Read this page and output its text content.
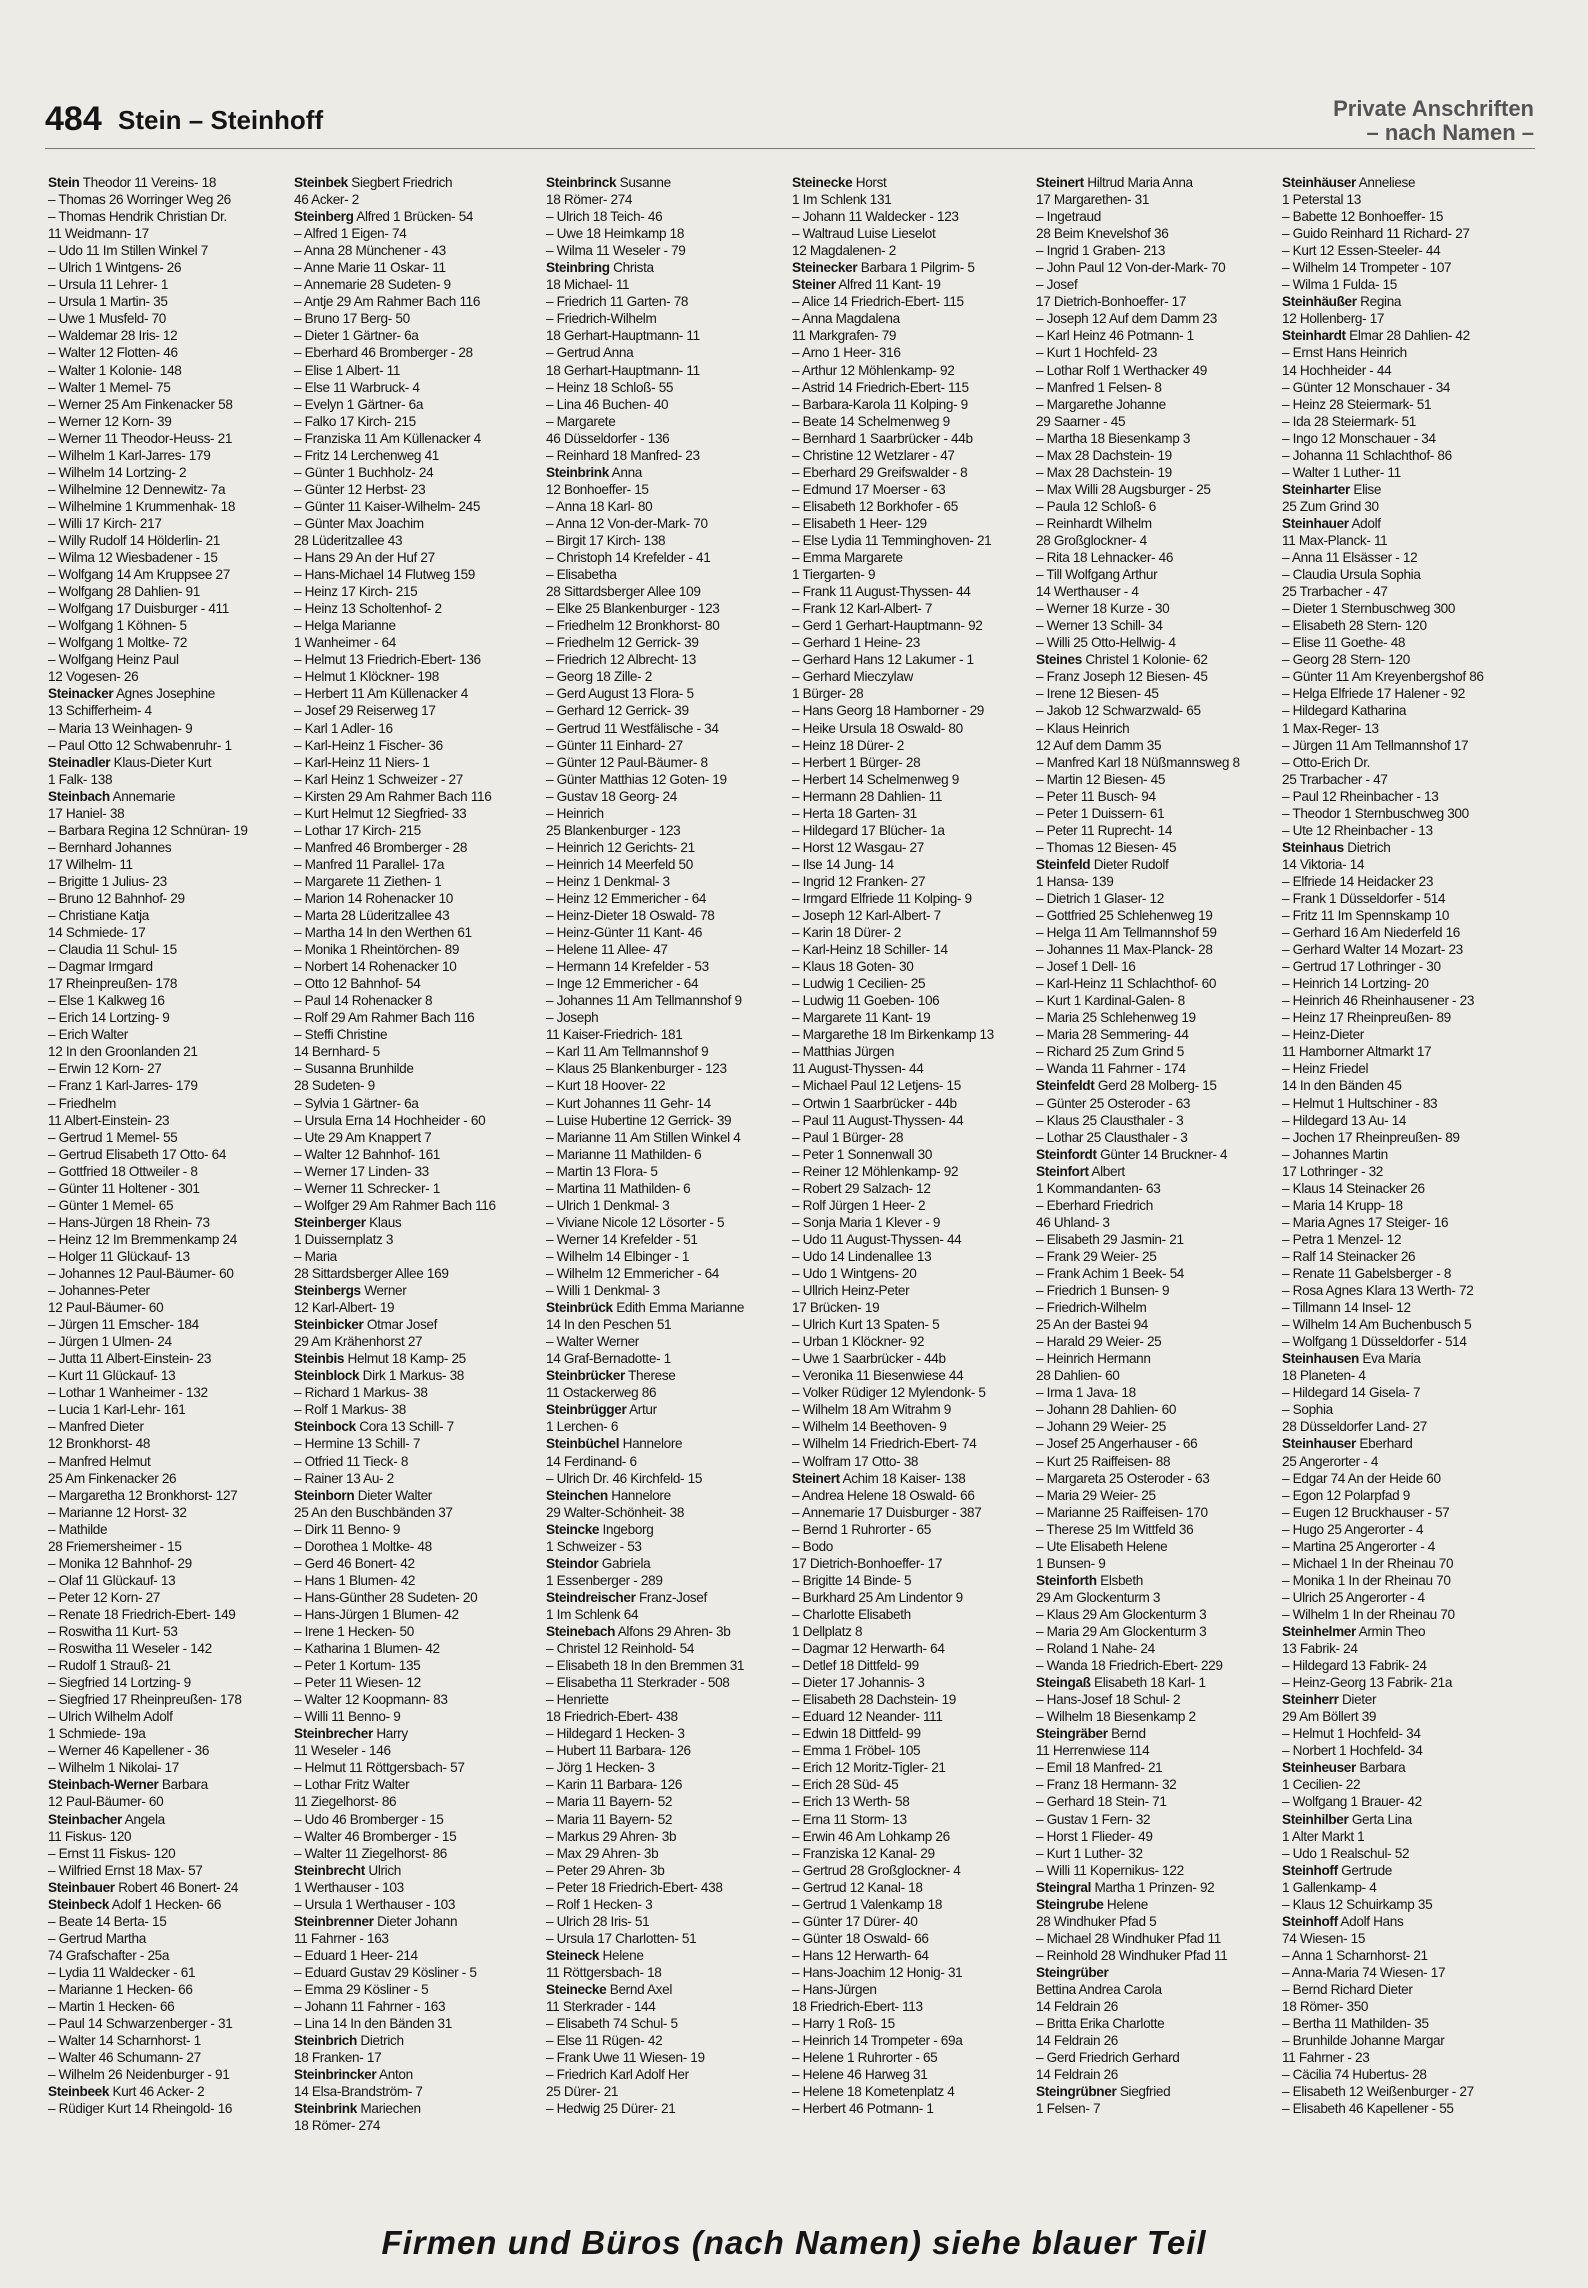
484 Stein – Steinhoff	Private Anschriften
– nach Namen –
Stein Theodor 11 Vereins- 18
– Thomas 26 Worringer Weg 26
– Thomas Hendrik Christian Dr.
11 Weidmann- 17
– Udo 11 Im Stillen Winkel 7
– Ulrich 1 Wintgens- 26
– Ursula 11 Lehrer- 1
– Ursula 1 Martin- 35
– Uwe 1 Musfeld- 70
– Waldemar 28 Iris- 12
– Walter 12 Flotten- 46
– Walter 1 Kolonie- 148
– Walter 1 Memel- 75
– Werner 25 Am Finkenacker 58
– Werner 12 Korn- 39
– Werner 11 Theodor-Heuss- 21
– Wilhelm 1 Karl-Jarres- 179
– Wilhelm 14 Lortzing- 2
– Wilhelmine 12 Dennewitz- 7a
– Wilhelmine 1 Krummenhak- 18
– Willi 17 Kirch- 217
– Willy Rudolf 14 Hölderlin- 21
– Wilma 12 Wiesbadener - 15
– Wolfgang 14 Am Kruppsee 27
– Wolfgang 28 Dahlien- 91
– Wolfgang 17 Duisburger - 411
– Wolfgang 1 Köhnen- 5
– Wolfgang 1 Moltke- 72
– Wolfgang Heinz Paul
12 Vogesen- 26
Steinacker Agnes Josephine
13 Schifferheim- 4
– Maria 13 Weinhagen- 9
– Paul Otto 12 Schwabenruhr- 1
Steinadler Klaus-Dieter Kurt
1 Falk- 138
Steinbach Annemarie
17 Haniel- 38
– Barbara Regina 12 Schnüran- 19
– Bernhard Johannes
17 Wilhelm- 11
– Brigitte 1 Julius- 23
– Bruno 12 Bahnhof- 29
– Christiane Katja
14 Schmiede- 17
– Claudia 11 Schul- 15
– Dagmar Irmgard
17 Rheinpreußen- 178
– Else 1 Kalkweg 16
– Erich 14 Lortzing- 9
– Erich Walter
12 In den Groonlanden 21
– Erwin 12 Korn- 27
– Franz 1 Karl-Jarres- 179
– Friedhelm
11 Albert-Einstein- 23
– Gertrud 1 Memel- 55
– Gertrud Elisabeth 17 Otto- 64
– Gottfried 18 Ottweiler - 8
– Günter 11 Holtener - 301
– Günter 1 Memel- 65
– Hans-Jürgen 18 Rhein- 73
– Heinz 12 Im Bremmenkamp 24
– Holger 11 Glückauf- 13
– Johannes 12 Paul-Bäumer- 60
– Johannes-Peter
12 Paul-Bäumer- 60
– Jürgen 11 Emscher- 184
– Jürgen 1 Ulmen- 24
– Jutta 11 Albert-Einstein- 23
– Kurt 11 Glückauf- 13
– Lothar 1 Wanheimer - 132
– Lucia 1 Karl-Lehr- 161
– Manfred Dieter
12 Bronkhorst- 48
– Manfred Helmut
25 Am Finkenacker 26
– Margaretha 12 Bronkhorst- 127
– Marianne 12 Horst- 32
– Mathilde
28 Friemersheimer - 15
– Monika 12 Bahnhof- 29
– Olaf 11 Glückauf- 13
– Peter 12 Korn- 27
– Renate 18 Friedrich-Ebert- 149
– Roswitha 11 Kurt- 53
– Roswitha 11 Weseler - 142
– Rudolf 1 Strauß- 21
– Siegfried 14 Lortzing- 9
– Siegfried 17 Rheinpreußen- 178
– Ulrich Wilhelm Adolf
1 Schmiede- 19a
– Werner 46 Kapellener - 36
– Wilhelm 1 Nikolai- 17
Steinbach-Werner Barbara
12 Paul-Bäumer- 60
Steinbacher Angela
11 Fiskus- 120
– Ernst 11 Fiskus- 120
– Wilfried Ernst 18 Max- 57
Steinbauer Robert 46 Bonert- 24
Steinbeck Adolf 1 Hecken- 66
– Beate 14 Berta- 15
– Gertrud Martha
74 Grafschafter - 25a
– Lydia 11 Waldecker - 61
– Marianne 1 Hecken- 66
– Martin 1 Hecken- 66
– Paul 14 Schwarzenberger - 31
– Walter 14 Scharnhorst- 1
– Walter 46 Schumann- 27
– Wilhelm 26 Neidenburger - 91
Steinbeek Kurt 46 Acker- 2
– Rüdiger Kurt 14 Rheingold- 16
Steinbek Siegbert Friedrich
46 Acker- 2
Steinberg Alfred 1 Brücken- 54
– Alfred 1 Eigen- 74
– Anna 28 Münchener - 43
– Anne Marie 11 Oskar- 11
– Annemarie 28 Sudeten- 9
– Antje 29 Am Rahmer Bach 116
– Bruno 17 Berg- 50
– Dieter 1 Gärtner- 6a
– Eberhard 46 Bromberger - 28
– Elise 1 Albert- 11
– Else 11 Warbruck- 4
– Evelyn 1 Gärtner- 6a
– Falko 17 Kirch- 215
– Franziska 11 Am Küllenacker 4
– Fritz 14 Lerchenweg 41
– Günter 1 Buchholz- 24
– Günter 12 Herbst- 23
– Günter 11 Kaiser-Wilhelm- 245
– Günter Max Joachim
28 Lüderitzallee 43
– Hans 29 An der Huf 27
– Hans-Michael 14 Flutweg 159
– Heinz 17 Kirch- 215
– Heinz 13 Scholtenhof- 2
– Helga Marianne
1 Wanheimer - 64
– Helmut 13 Friedrich-Ebert- 136
– Helmut 1 Klöckner- 198
– Herbert 11 Am Küllenacker 4
– Josef 29 Reiserweg 17
– Karl 1 Adler- 16
– Karl-Heinz 1 Fischer- 36
– Karl-Heinz 11 Niers- 1
– Karl Heinz 1 Schweizer - 27
– Kirsten 29 Am Rahmer Bach 116
– Kurt Helmut 12 Siegfried- 33
– Lothar 17 Kirch- 215
– Manfred 46 Bromberger - 28
– Manfred 11 Parallel- 17a
– Margarete 11 Ziethen- 1
– Marion 14 Rohenacker 10
– Marta 28 Lüderitzallee 43
– Martha 14 In den Werthen 61
– Monika 1 Rheintörchen- 89
– Norbert 14 Rohenacker 10
– Otto 12 Bahnhof- 54
– Paul 14 Rohenacker 8
– Rolf 29 Am Rahmer Bach 116
– Steffi Christine
14 Bernhard- 5
– Susanna Brunhilde
28 Sudeten- 9
– Sylvia 1 Gärtner- 6a
– Ursula Erna 14 Hochheider - 60
– Ute 29 Am Knappert 7
– Walter 12 Bahnhof- 161
– Werner 17 Linden- 33
– Werner 11 Schrecker- 1
– Wolfger 29 Am Rahmer Bach 116
Steinberger Klaus
1 Duissernplatz 3
– Maria
28 Sittardsberger Allee 169
Steinbergs Werner
12 Karl-Albert- 19
Steinbicker Otmar Josef
29 Am Krähenhorst 27
Steinbis Helmut 18 Kamp- 25
Steinblock Dirk 1 Markus- 38
– Richard 1 Markus- 38
– Rolf 1 Markus- 38
Steinbock Cora 13 Schill- 7
– Hermine 13 Schill- 7
– Otfried 11 Tieck- 8
– Rainer 13 Au- 2
Steinborn Dieter Walter
25 An den Buschbänden 37
– Dirk 11 Benno- 9
– Dorothea 1 Moltke- 48
– Gerd 46 Bonert- 42
– Hans 1 Blumen- 42
– Hans-Günther 28 Sudeten- 20
– Hans-Jürgen 1 Blumen- 42
– Irene 1 Hecken- 50
– Katharina 1 Blumen- 42
– Peter 1 Kortum- 135
– Peter 11 Wiesen- 12
– Walter 12 Koopmann- 83
– Willi 11 Benno- 9
Steinbrecher Harry
11 Weseler - 146
– Helmut 11 Röttgersbach- 57
– Lothar Fritz Walter
11 Ziegelhorst- 86
– Udo 46 Bromberger - 15
– Walter 46 Bromberger - 15
– Walter 11 Ziegelhorst- 86
Steinbrecht Ulrich
1 Werthauser - 103
– Ursula 1 Werthauser - 103
Steinbrenner Dieter Johann
11 Fahrner - 163
– Eduard 1 Heer- 214
– Eduard Gustav 29 Kösliner - 5
– Emma 29 Kösliner - 5
– Johann 11 Fahrner - 163
– Lina 14 In den Bänden 31
Steinbrich Dietrich
18 Franken- 17
Steinbrincker Anton
14 Elsa-Brandström- 7
Steinbrink Mariechen
18 Römer- 274
Steinbrinck Susanne
18 Römer- 274
– Ulrich 18 Teich- 46
– Uwe 18 Heimkamp 18
– Wilma 11 Weseler - 79
Steinbring Christa
18 Michael- 11
– Friedrich 11 Garten- 78
– Friedrich-Wilhelm
18 Gerhart-Hauptmann- 11
– Gertrud Anna
18 Gerhart-Hauptmann- 11
– Heinz 18 Schloß- 55
– Lina 46 Buchen- 40
– Margarete
46 Düsseldorfer - 136
– Reinhard 18 Manfred- 23
Steinbrink Anna
12 Bonhoeffer- 15
– Anna 18 Karl- 80
– Anna 12 Von-der-Mark- 70
– Birgit 17 Kirch- 138
– Christoph 14 Krefelder - 41
– Elisabetha
28 Sittardsberger Allee 109
– Elke 25 Blankenburger - 123
– Friedhelm 12 Bronkhorst- 80
– Friedhelm 12 Gerrick- 39
– Friedrich 12 Albrecht- 13
– Georg 18 Zille- 2
– Gerd August 13 Flora- 5
– Gerhard 12 Gerrick- 39
– Gertrud 11 Westfälische - 34
– Günter 11 Einhard- 27
– Günter 12 Paul-Bäumer- 8
– Günter Matthias 12 Goten- 19
– Gustav 18 Georg- 24
– Heinrich
25 Blankenburger - 123
– Heinrich 12 Gerichts- 21
– Heinrich 14 Meerfeld 50
– Heinz 1 Denkmal- 3
– Heinz 12 Emmericher - 64
– Heinz-Dieter 18 Oswald- 78
– Heinz-Günter 11 Kant- 46
– Helene 11 Allee- 47
– Hermann 14 Krefelder - 53
– Inge 12 Emmericher - 64
– Johannes 11 Am Tellmannshof 9
– Joseph
11 Kaiser-Friedrich- 181
– Karl 11 Am Tellmannshof 9
– Klaus 25 Blankenburger - 123
– Kurt 18 Hoover- 22
– Kurt Johannes 11 Gehr- 14
– Luise Hubertine 12 Gerrick- 39
– Marianne 11 Am Stillen Winkel 4
– Marianne 11 Mathilden- 6
– Martin 13 Flora- 5
– Martina 11 Mathilden- 6
– Ulrich 1 Denkmal- 3
– Viviane Nicole 12 Lösorter - 5
– Werner 14 Krefelder - 51
– Wilhelm 14 Elbinger - 1
– Wilhelm 12 Emmericher - 64
– Willi 1 Denkmal- 3
Steinbrück Edith Emma Marianne
14 In den Peschen 51
– Walter Werner
14 Graf-Bernadotte- 1
Steinbrücker Therese
11 Ostackerweg 86
Steinbrügger Artur
1 Lerchen- 6
Steinbüchel Hannelore
14 Ferdinand- 6
– Ulrich Dr. 46 Kirchfeld- 15
Steinchen Hannelore
29 Walter-Schönheit- 38
Steincke Ingeborg
1 Schweizer - 53
Steindor Gabriela
1 Essenberger - 289
Steindreischer Franz-Josef
1 Im Schlenk 64
Steinebach Alfons 29 Ahren- 3b
– Christel 12 Reinhold- 54
– Elisabeth 18 In den Bremmen 31
– Elisabetha 11 Sterkrader - 508
– Henriette
18 Friedrich-Ebert- 438
– Hildegard 1 Hecken- 3
– Hubert 11 Barbara- 126
– Jörg 1 Hecken- 3
– Karin 11 Barbara- 126
– Maria 11 Bayern- 52
– Maria 11 Bayern- 52
– Markus 29 Ahren- 3b
– Max 29 Ahren- 3b
– Peter 29 Ahren- 3b
– Peter 18 Friedrich-Ebert- 438
– Rolf 1 Hecken- 3
– Ulrich 28 Iris- 51
– Ursula 17 Charlotten- 51
Steineck Helene
11 Röttgersbach- 18
Steinecke Bernd Axel
11 Sterkrader - 144
– Elisabeth 74 Schul- 5
– Else 11 Rügen- 42
– Frank Uwe 11 Wiesen- 19
– Friedrich Karl Adolf Her
25 Dürer- 21
– Hedwig 25 Dürer- 21
Steinecke Horst
1 Im Schlenk 131
– Johann 11 Waldecker - 123
– Waltraud Luise Lieselot
12 Magdalenen- 2
Steinecker Barbara 1 Pilgrim- 5
Steiner Alfred 11 Kant- 19
– Alice 14 Friedrich-Ebert- 115
– Anna Magdalena
11 Markgrafen- 79
– Arno 1 Heer- 316
– Arthur 12 Möhlenkamp- 92
– Astrid 14 Friedrich-Ebert- 115
– Barbara-Karola 11 Kolping- 9
– Beate 14 Schelmenweg 9
– Bernhard 1 Saarbrücker - 44b
– Christine 12 Wetzlarer - 47
– Eberhard 29 Greifswalder - 8
– Edmund 17 Moerser - 63
– Elisabeth 12 Borkhofer - 65
– Elisabeth 1 Heer- 129
– Else Lydia 11 Temminghoven- 21
– Emma Margarete
1 Tiergarten- 9
– Frank 11 August-Thyssen- 44
– Frank 12 Karl-Albert- 7
– Gerd 1 Gerhart-Hauptmann- 92
– Gerhard 1 Heine- 23
– Gerhard Hans 12 Lakumer - 1
– Gerhard Mieczylaw
1 Bürger- 28
– Hans Georg 18 Hamborner - 29
– Heike Ursula 18 Oswald- 80
– Heinz 18 Dürer- 2
– Herbert 1 Bürger- 28
– Herbert 14 Schelmenweg 9
– Hermann 28 Dahlien- 11
– Herta 18 Garten- 31
– Hildegard 17 Blücher- 1a
– Horst 12 Wasgau- 27
– Ilse 14 Jung- 14
– Ingrid 12 Franken- 27
– Irmgard Elfriede 11 Kolping- 9
– Joseph 12 Karl-Albert- 7
– Karin 18 Dürer- 2
– Karl-Heinz 18 Schiller- 14
– Klaus 18 Goten- 30
– Ludwig 1 Cecilien- 25
– Ludwig 11 Goeben- 106
– Margarete 11 Kant- 19
– Margarethe 18 Im Birkenkamp 13
– Matthias Jürgen
11 August-Thyssen- 44
– Michael Paul 12 Letjens- 15
– Ortwin 1 Saarbrücker - 44b
– Paul 11 August-Thyssen- 44
– Paul 1 Bürger- 28
– Peter 1 Sonnenwall 30
– Reiner 12 Möhlenkamp- 92
– Robert 29 Salzach- 12
– Rolf Jürgen 1 Heer- 2
– Sonja Maria 1 Klever - 9
– Udo 11 August-Thyssen- 44
– Udo 14 Lindenallee 13
– Udo 1 Wintgens- 20
– Ullrich Heinz-Peter
17 Brücken- 19
– Ulrich Kurt 13 Spaten- 5
– Urban 1 Klöckner- 92
– Uwe 1 Saarbrücker - 44b
– Veronika 11 Biesenwiese 44
– Volker Rüdiger 12 Mylendonk- 5
– Wilhelm 18 Am Witrahm 9
– Wilhelm 14 Beethoven- 9
– Wilhelm 14 Friedrich-Ebert- 74
– Wolfram 17 Otto- 38
Steinert Achim 18 Kaiser- 138
– Andrea Helene 18 Oswald- 66
– Annemarie 17 Duisburger - 387
– Bernd 1 Ruhrorter - 65
– Bodo
17 Dietrich-Bonhoeffer- 17
– Brigitte 14 Binde- 5
– Burkhard 25 Am Lindentor 9
– Charlotte Elisabeth
1 Dellplatz 8
– Dagmar 12 Herwarth- 64
– Detlef 18 Dittfeld- 99
– Dieter 17 Johannis- 3
– Elisabeth 28 Dachstein- 19
– Eduard 12 Neander- 111
– Edwin 18 Dittfeld- 99
– Emma 1 Fröbel- 105
– Erich 12 Moritz-Tigler- 21
– Erich 28 Süd- 45
– Erich 13 Werth- 58
– Erna 11 Storm- 13
– Erwin 46 Am Lohkamp 26
– Franziska 12 Kanal- 29
– Gertrud 28 Großglockner- 4
– Gertrud 12 Kanal- 18
– Gertrud 1 Valenkamp 18
– Günter 17 Dürer- 40
– Günter 18 Oswald- 66
– Hans 12 Herwarth- 64
– Hans-Joachim 12 Honig- 31
– Hans-Jürgen
18 Friedrich-Ebert- 113
– Harry 1 Roß- 15
– Heinrich 14 Trompeter - 69a
– Helene 1 Ruhrorter - 65
– Helene 46 Harweg 31
– Helene 18 Kometenplatz 4
– Herbert 46 Potmann- 1
Steinert Hiltrud Maria Anna
17 Margarethen- 31
– Ingetraud
28 Beim Knevelshof 36
– Ingrid 1 Graben- 213
– John Paul 12 Von-der-Mark- 70
– Josef
17 Dietrich-Bonhoeffer- 17
– Joseph 12 Auf dem Damm 23
– Karl Heinz 46 Potmann- 1
– Kurt 1 Hochfeld- 23
– Lothar Rolf 1 Werthacker 49
– Manfred 1 Felsen- 8
– Margarethe Johanne
29 Saarner - 45
– Martha 18 Biesenkamp 3
– Max 28 Dachstein- 19
– Max 28 Dachstein- 19
– Max Willi 28 Augsburger - 25
– Paula 12 Schloß- 6
– Reinhardt Wilhelm
28 Großglockner- 4
– Rita 18 Lehnacker- 46
– Till Wolfgang Arthur
14 Werthauser - 4
– Werner 18 Kurze - 30
– Werner 13 Schill- 34
– Willi 25 Otto-Hellwig- 4
Steines Christel 1 Kolonie- 62
– Franz Joseph 12 Biesen- 45
– Irene 12 Biesen- 45
– Jakob 12 Schwarzwald- 65
– Klaus Heinrich
12 Auf dem Damm 35
– Manfred Karl 18 Nüßmannsweg 8
– Martin 12 Biesen- 45
– Peter 11 Busch- 94
– Peter 1 Duissern- 61
– Peter 11 Ruprecht- 14
– Thomas 12 Biesen- 45
Steinfeld Dieter Rudolf
1 Hansa- 139
– Dietrich 1 Glaser- 12
– Gottfried 25 Schlehenweg 19
– Helga 11 Am Tellmannshof 59
– Johannes 11 Max-Planck- 28
– Josef 1 Dell- 16
– Karl-Heinz 11 Schlachthof- 60
– Kurt 1 Kardinal-Galen- 8
– Maria 25 Schlehenweg 19
– Maria 28 Semmering- 44
– Richard 25 Zum Grind 5
– Wanda 11 Fahrner - 174
Steinfeldt Gerd 28 Molberg- 15
– Günter 25 Osteroder - 63
– Klaus 25 Clausthaler - 3
– Lothar 25 Clausthaler - 3
Steinfordt Günter 14 Bruckner- 4
Steinfort Albert
1 Kommandanten- 63
– Eberhard Friedrich
46 Uhland- 3
– Elisabeth 29 Jasmin- 21
– Frank 29 Weier- 25
– Frank Achim 1 Beek- 54
– Friedrich 1 Bunsen- 9
– Friedrich-Wilhelm
25 An der Bastei 94
– Harald 29 Weier- 25
– Heinrich Hermann
28 Dahlien- 60
– Irma 1 Java- 18
– Johann 28 Dahlien- 60
– Johann 29 Weier- 25
– Josef 25 Angerhauser - 66
– Kurt 25 Raiffeisen- 88
– Margareta 25 Osteroder - 63
– Maria 29 Weier- 25
– Marianne 25 Raiffeisen- 170
– Therese 25 Im Wittfeld 36
– Ute Elisabeth Helene
1 Bunsen- 9
Steinforth Elsbeth
29 Am Glockenturm 3
– Klaus 29 Am Glockenturm 3
– Maria 29 Am Glockenturm 3
– Roland 1 Nahe- 24
– Wanda 18 Friedrich-Ebert- 229
Steingaß Elisabeth 18 Karl- 1
– Hans-Josef 18 Schul- 2
– Wilhelm 18 Biesenkamp 2
Steingräber Bernd
11 Herrenwiese 114
– Emil 18 Manfred- 21
– Franz 18 Hermann- 32
– Gerhard 18 Stein- 71
– Gustav 1 Fern- 32
– Horst 1 Flieder- 49
– Kurt 1 Luther- 32
– Willi 11 Kopernikus- 122
Steingral Martha 1 Prinzen- 92
Steingrube Helene
28 Windhuker Pfad 5
– Michael 28 Windhuker Pfad 11
– Reinhold 28 Windhuker Pfad 11
Steingrüber
Bettina Andrea Carola
14 Feldrain 26
– Britta Erika Charlotte
14 Feldrain 26
– Gerd Friedrich Gerhard
14 Feldrain 26
Steingrübner Siegfried
1 Felsen- 7
Steinhäuser Anneliese
1 Peterstal 13
– Babette 12 Bonhoeffer- 15
– Guido Reinhard 11 Richard- 27
– Kurt 12 Essen-Steeler- 44
– Wilhelm 14 Trompeter - 107
– Wilma 1 Fulda- 15
Steinhäußer Regina
12 Hollenberg- 17
Steinhardt Elmar 28 Dahlien- 42
– Ernst Hans Heinrich
14 Hochheider - 44
– Günter 12 Monschauer - 34
– Heinz 28 Steiermark- 51
– Ida 28 Steiermark- 51
– Ingo 12 Monschauer - 34
– Johanna 11 Schlachthof- 86
– Walter 1 Luther- 11
Steinharter Elise
25 Zum Grind 30
Steinhauer Adolf
11 Max-Planck- 11
– Anna 11 Elsässer - 12
– Claudia Ursula Sophia
25 Trarbacher - 47
– Dieter 1 Sternbuschweg 300
– Elisabeth 28 Stern- 120
– Elise 11 Goethe- 48
– Georg 28 Stern- 120
– Günter 11 Am Kreyenbergshof 86
– Helga Elfriede 17 Halener - 92
– Hildegard Katharina
1 Max-Reger- 13
– Jürgen 11 Am Tellmannshof 17
– Otto-Erich Dr.
25 Trarbacher - 47
– Paul 12 Rheinbacher - 13
– Theodor 1 Sternbuschweg 300
– Ute 12 Rheinbacher - 13
Steinhaus Dietrich
14 Viktoria- 14
– Elfriede 14 Heidacker 23
– Frank 1 Düsseldorfer - 514
– Fritz 11 Im Spennskamp 10
– Gerhard 16 Am Niederfeld 16
– Gerhard Walter 14 Mozart- 23
– Gertrud 17 Lothringer - 30
– Heinrich 14 Lortzing- 20
– Heinrich 46 Rheinhausener - 23
– Heinz 17 Rheinpreußen- 89
– Heinz-Dieter
11 Hamborner Altmarkt 17
– Heinz Friedel
14 In den Bänden 45
– Helmut 1 Hultschiner - 83
– Hildegard 13 Au- 14
– Jochen 17 Rheinpreußen- 89
– Johannes Martin
17 Lothringer - 32
– Klaus 14 Steinacker 26
– Maria 14 Krupp- 18
– Maria Agnes 17 Steiger- 16
– Petra 1 Menzel- 12
– Ralf 14 Steinacker 26
– Renate 11 Gabelsberger - 8
– Rosa Agnes Klara 13 Werth- 72
– Tillmann 14 Insel- 12
– Wilhelm 14 Am Buchenbusch 5
– Wolfgang 1 Düsseldorfer - 514
Steinhausen Eva Maria
18 Planeten- 4
– Hildegard 14 Gisela- 7
– Sophia
28 Düsseldorfer Land- 27
Steinhauser Eberhard
25 Angerorter - 4
– Edgar 74 An der Heide 60
– Egon 12 Polarpfad 9
– Eugen 12 Bruckhauser - 57
– Hugo 25 Angerorter - 4
– Martina 25 Angerorter - 4
– Michael 1 In der Rheinau 70
– Monika 1 In der Rheinau 70
– Ulrich 25 Angerorter - 4
– Wilhelm 1 In der Rheinau 70
Steinhelmer Armin Theo
13 Fabrik- 24
– Hildegard 13 Fabrik- 24
– Heinz-Georg 13 Fabrik- 21a
Steinherr Dieter
29 Am Böllert 39
– Helmut 1 Hochfeld- 34
– Norbert 1 Hochfeld- 34
Steinheuser Barbara
1 Cecilien- 22
– Wolfgang 1 Brauer- 42
Steinhilber Gerta Lina
1 Alter Markt 1
– Udo 1 Realschul- 52
Steinhoff Gertrude
1 Gallenkamp- 4
– Klaus 12 Schuirkamp 35
Steinhoff Adolf Hans
74 Wiesen- 15
– Anna 1 Scharnhorst- 21
– Anna-Maria 74 Wiesen- 17
– Bernd Richard Dieter
18 Römer- 350
– Bertha 11 Mathilden- 35
– Brunhilde Johanne Margar
11 Fahrner - 23
– Cäcilia 74 Hubertus- 28
– Elisabeth 12 Weißenburger - 27
– Elisabeth 46 Kapellener - 55
Firmen und Büros (nach Namen) siehe blauer Teil
